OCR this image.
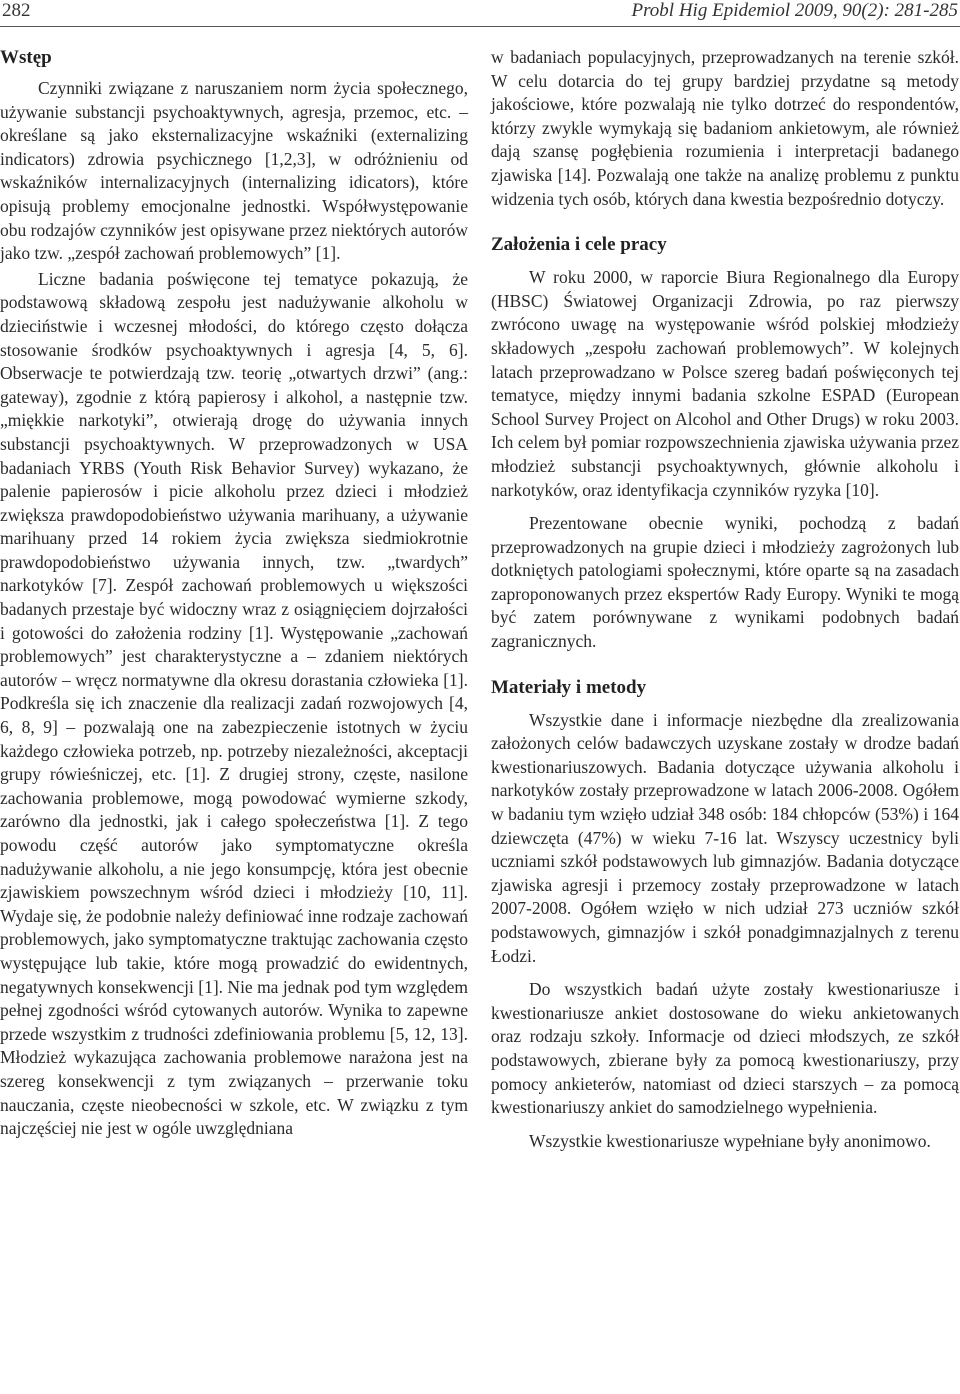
282	Probl Hig Epidemiol 2009, 90(2): 281-285
Wstęp

Czynniki związane z naruszaniem norm życia społecznego, używanie substancji psychoaktywnych, agresja, przemoc, etc. – określane są jako eksternalizacyjne wskaźniki (externalizing indicators) zdrowia psychicznego [1,2,3], w odróżnieniu od wskaźników internalizacyjnych (internalizing idicators), które opisują problemy emocjonalne jednostki. Współwystępowanie obu rodzajów czynników jest opisywane przez niektórych autorów jako tzw. „zespół zachowań problemowych” [1].

Liczne badania poświęcone tej tematyce pokazują, że podstawową składową zespołu jest nadużywanie alkoholu w dzieciństwie i wczesnej młodości, do którego często dołącza stosowanie środków psychoaktywnych i agresja [4, 5, 6]. Obserwacje te potwierdzają tzw. teorię „otwartych drzwi” (ang.: gateway), zgodnie z którą papierosy i alkohol, a następnie tzw. „miękkie narkotyki”, otwierają drogę do używania innych substancji psychoaktywnych. W przeprowadzonych w USA badaniach YRBS (Youth Risk Behavior Survey) wykazano, że palenie papierosów i picie alkoholu przez dzieci i młodzież zwiększa prawdopodobieństwo używania marihuany, a używanie marihuany przed 14 rokiem życia zwiększa siedmiokrotnie prawdopodobieństwo używania innych, tzw. „twardych” narkotyków [7]. Zespół zachowań problemowych u większości badanych przestaje być widoczny wraz z osiągnięciem dojrzałości i gotowości do założenia rodziny [1]. Występowanie „zachowań problemowych” jest charakterystyczne a – zdaniem niektórych autorów – wręcz normatywne dla okresu dorastania człowieka [1]. Podkreśla się ich znaczenie dla realizacji zadań rozwojowych [4, 6, 8, 9] – pozwalają one na zabezpieczenie istotnych w życiu każdego człowieka potrzeb, np. potrzeby niezależności, akceptacji grupy rówieśniczej, etc. [1]. Z drugiej strony, częste, nasilone zachowania problemowe, mogą powodować wymierne szkody, zarówno dla jednostki, jak i całego społeczeństwa [1]. Z tego powodu część autorów jako symptomatyczne określa nadużywanie alkoholu, a nie jego konsumpcję, która jest obecnie zjawiskiem powszechnym wśród dzieci i młodzieży [10, 11]. Wydaje się, że podobnie należy definiować inne rodzaje zachowań problemowych, jako symptomatyczne traktując zachowania często występujące lub takie, które mogą prowadzić do ewidentnych, negatywnych konsekwencji [1]. Nie ma jednak pod tym względem pełnej zgodności wśród cytowanych autorów. Wynika to zapewne przede wszystkim z trudności zdefiniowania problemu [5, 12, 13]. Młodzież wykazująca zachowania problemowe narażona jest na szereg konsekwencji z tym związanych – przerwanie toku nauczania, częste nieobecności w szkole, etc. W związku z tym najczęściej nie jest w ogóle uwzględniana

w badaniach populacyjnych, przeprowadzanych na terenie szkół. W celu dotarcia do tej grupy bardziej przydatne są metody jakościowe, które pozwalają nie tylko dotrzeć do respondentów, którzy zwykle wymykają się badaniom ankietowym, ale również dają szansę pogłębienia rozumienia i interpretacji badanego zjawiska [14]. Pozwalają one także na analizę problemu z punktu widzenia tych osób, których dana kwestia bezpośrednio dotyczy.

Założenia i cele pracy

W roku 2000, w raporcie Biura Regionalnego dla Europy (HBSC) Światowej Organizacji Zdrowia, po raz pierwszy zwrócono uwagę na występowanie wśród polskiej młodzieży składowych „zespołu zachowań problemowych”. W kolejnych latach przeprowadzano w Polsce szereg badań poświęconych tej tematyce, między innymi badania szkolne ESPAD (European School Survey Project on Alcohol and Other Drugs) w roku 2003. Ich celem był pomiar rozpowszechnienia zjawiska używania przez młodzież substancji psychoaktywnych, głównie alkoholu i narkotyków, oraz identyfikacja czynników ryzyka [10].

Prezentowane obecnie wyniki, pochodzą z badań przeprowadzonych na grupie dzieci i młodzieży zagrożonych lub dotkniętych patologiami społecznymi, które oparte są na zasadach zaproponowanych przez ekspertów Rady Europy. Wyniki te mogą być zatem porównywane z wynikami podobnych badań zagranicznych.

Materiały i metody

Wszystkie dane i informacje niezbędne dla zrealizowania założonych celów badawczych uzyskane zostały w drodze badań kwestionariuszowych. Badania dotyczące używania alkoholu i narkotyków zostały przeprowadzone w latach 2006-2008. Ogółem w badaniu tym wzięło udział 348 osób: 184 chłopców (53%) i 164 dziewczęta (47%) w wieku 7-16 lat. Wszyscy uczestnicy byli uczniami szkół podstawowych lub gimnazjów. Badania dotyczące zjawiska agresji i przemocy zostały przeprowadzone w latach 2007-2008. Ogółem wzięło w nich udział 273 uczniów szkół podstawowych, gimnazjów i szkół ponadgimnazjalnych z terenu Łodzi.

Do wszystkich badań użyte zostały kwestionariusze i kwestionariusze ankiet dostosowane do wieku ankietowanych oraz rodzaju szkoły. Informacje od dzieci młodszych, ze szkół podstawowych, zbierane były za pomocą kwestionariuszy, przy pomocy ankieterów, natomiast od dzieci starszych – za pomocą kwestionariuszy ankiet do samodzielnego wypełnienia.

Wszystkie kwestionariusze wypełniane były anonimowo.
